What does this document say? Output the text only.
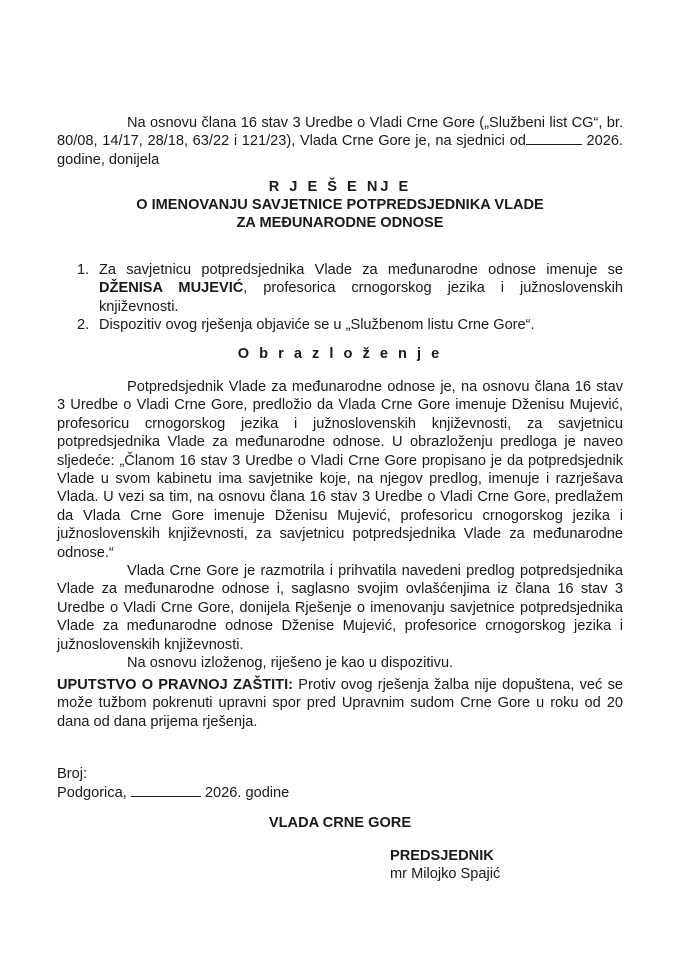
Na osnovu člana 16 stav 3 Uredbe o Vladi Crne Gore („Službeni list CG“, br. 80/08, 14/17, 28/18, 63/22 i 121/23), Vlada Crne Gore je, na sjednici od	2026. godine, donijela

R J E Š E NJ E
O IMENOVANJU SAVJETNICE POTPREDSJEDNIKA VLADE
ZA MEĐUNARODNE ODNOSE
1. Za savjetnicu potpredsjednika Vlade za međunarodne odnose imenuje se DŽENISA MUJEVIĆ, profesorica crnogorskog jezika i južnoslovenskih književnosti.
2. Dispozitiv ovog rješenja objaviće se u „Službenom listu Crne Gore“.
O b r a z l o ž e n j e

Potpredsjednik Vlade za međunarodne odnose je, na osnovu člana 16 stav 3 Uredbe o Vladi Crne Gore, predložio da Vlada Crne Gore imenuje Dženisu Mujević, profesoricu crnogorskog jezika i južnoslovenskih književnosti, za savjetnicu potpredsjednika Vlade za međunarodne odnose. U obrazloženju predloga je naveo sljedeće: „Članom 16 stav 3 Uredbe o Vladi Crne Gore propisano je da potpredsjednik Vlade u svom kabinetu ima savjetnike koje, na njegov predlog, imenuje i razrješava Vlada. U vezi sa tim, na osnovu člana 16 stav 3 Uredbe o Vladi Crne Gore, predlažem da Vlada Crne Gore imenuje Dženisu Mujević, profesoricu crnogorskog jezika i južnoslovenskih književnosti, za savjetnicu potpredsjednika Vlade za međunarodne odnose.“

Vlada Crne Gore je razmotrila i prihvatila navedeni predlog potpredsjednika Vlade za međunarodne odnose i, saglasno svojim ovlašćenjima iz člana 16 stav 3 Uredbe o Vladi Crne Gore, donijela Rješenje o imenovanju savjetnice potpredsjednika Vlade za međunarodne odnose Dženise Mujević, profesorice crnogorskog jezika i južnoslovenskih književnosti.

Na osnovu izloženog, riješeno je kao u dispozitivu.

UPUTSTVO O PRAVNOJ ZAŠTITI: Protiv ovog rješenja žalba nije dopuštena, već se može tužbom pokrenuti upravni spor pred Upravnim sudom Crne Gore u roku od 20 dana od dana prijema rješenja.

Broj:
Podgorica,	2026. godine
VLADA CRNE GORE
PREDSJEDNIK
mr Milojko Spajić
